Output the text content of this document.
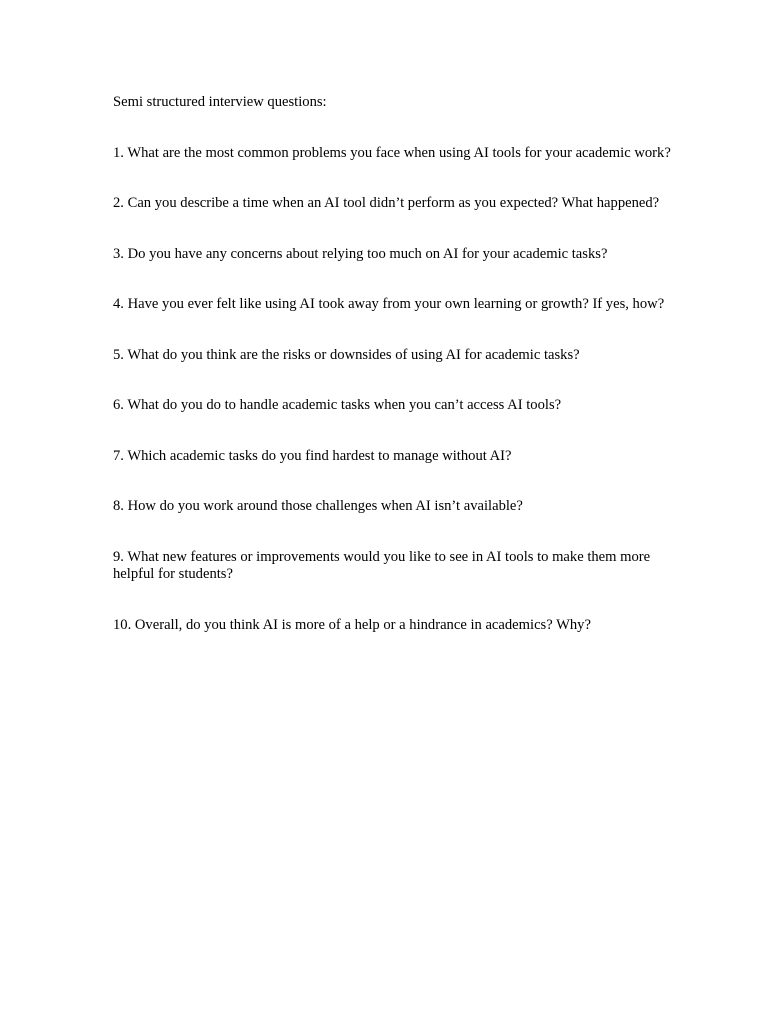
Semi structured interview questions:

1. What are the most common problems you face when using AI tools for your academic work?

2. Can you describe a time when an AI tool didn’t perform as you expected? What happened?

3. Do you have any concerns about relying too much on AI for your academic tasks?

4. Have you ever felt like using AI took away from your own learning or growth? If yes, how?

5. What do you think are the risks or downsides of using AI for academic tasks?

6. What do you do to handle academic tasks when you can’t access AI tools?

7. Which academic tasks do you find hardest to manage without AI?

8. How do you work around those challenges when AI isn’t available?

9. What new features or improvements would you like to see in AI tools to make them more helpful for students?

10. Overall, do you think AI is more of a help or a hindrance in academics? Why?
